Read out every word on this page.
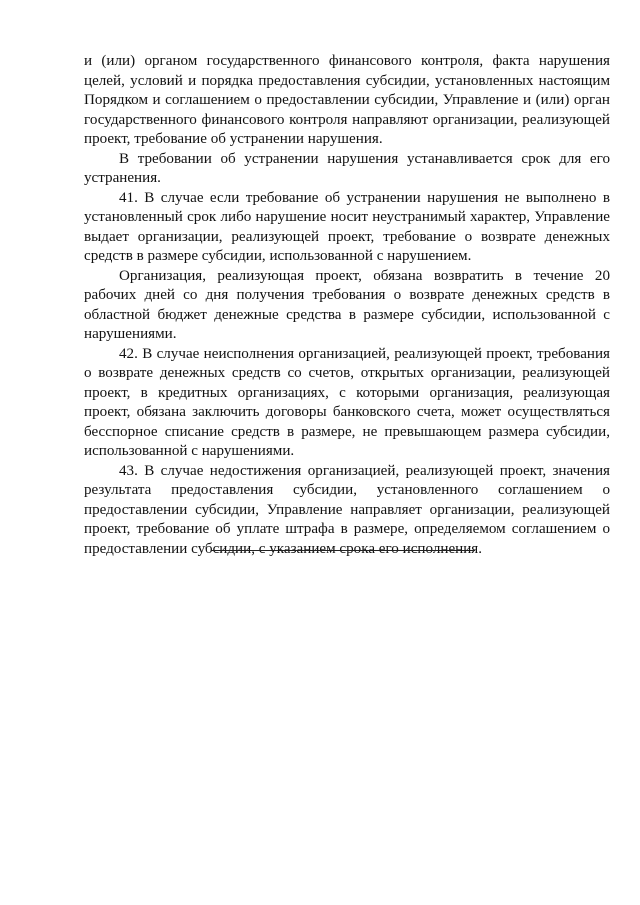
и (или) органом государственного финансового контроля, факта нарушения целей, условий и порядка предоставления субсидии, установленных настоящим Порядком и соглашением о предоставлении субсидии, Управление и (или) орган государственного финансового контроля направляют организации, реализующей проект, требование об устранении нарушения.

В требовании об устранении нарушения устанавливается срок для его устранения.

41. В случае если требование об устранении нарушения не выполнено в установленный срок либо нарушение носит неустранимый характер, Управление выдает организации, реализующей проект, требование о возврате денежных средств в размере субсидии, использованной с нарушением.

Организация, реализующая проект, обязана возвратить в течение 20 рабочих дней со дня получения требования о возврате денежных средств в областной бюджет денежные средства в размере субсидии, использованной с нарушениями.

42. В случае неисполнения организацией, реализующей проект, требования о возврате денежных средств со счетов, открытых организации, реализующей проект, в кредитных организациях, с которыми организация, реализующая проект, обязана заключить договоры банковского счета, может осуществляться бесспорное списание средств в размере, не превышающем размера субсидии, использованной с нарушениями.

43. В случае недостижения организацией, реализующей проект, значения результата предоставления субсидии, установленного соглашением о предоставлении субсидии, Управление направляет организации, реализующей проект, требование об уплате штрафа в размере, определяемом соглашением о предоставлении субсидии, с указанием срока его исполнения.
